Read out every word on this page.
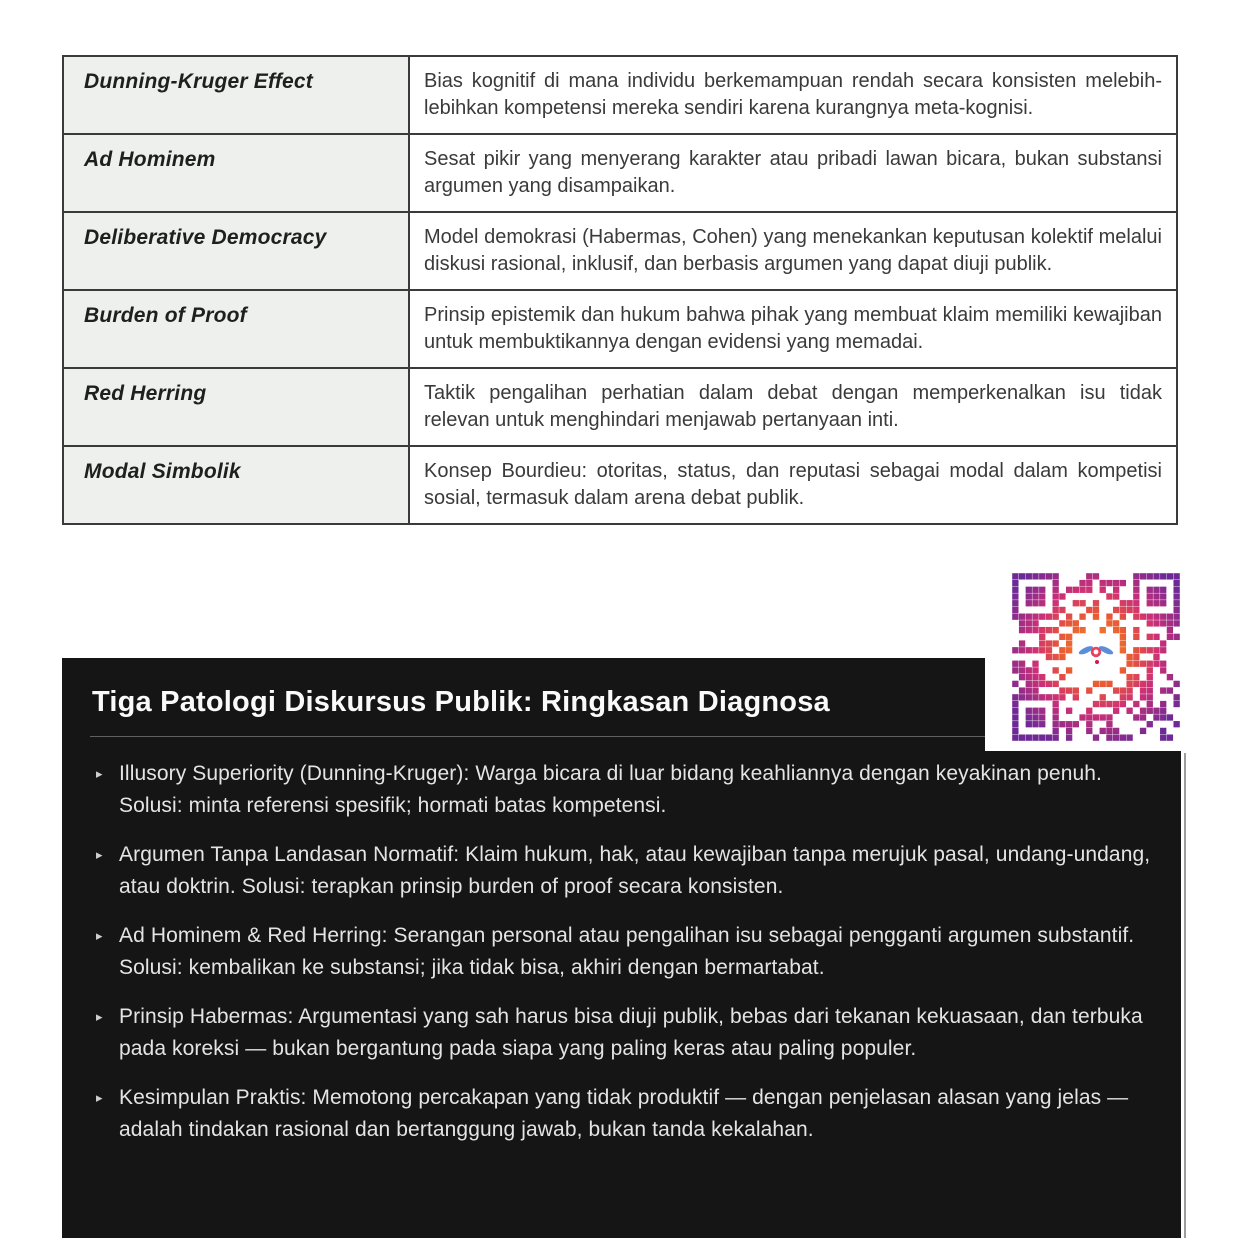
Dunning-Kruger Effect	Bias kognitif di mana individu berkemampuan rendah secara konsisten melebih-lebihkan kompetensi mereka sendiri karena kurangnya meta-kognisi.
Ad Hominem	Sesat pikir yang menyerang karakter atau pribadi lawan bicara, bukan substansi argumen yang disampaikan.
Deliberative Democracy	Model demokrasi (Habermas, Cohen) yang menekankan keputusan kolektif melalui diskusi rasional, inklusif, dan berbasis argumen yang dapat diuji publik.
Burden of Proof	Prinsip epistemik dan hukum bahwa pihak yang membuat klaim memiliki kewajiban untuk membuktikannya dengan evidensi yang memadai.
Red Herring	Taktik pengalihan perhatian dalam debat dengan memperkenalkan isu tidak relevan untuk menghindari menjawab pertanyaan inti.
Modal Simbolik	Konsep Bourdieu: otoritas, status, dan reputasi sebagai modal dalam kompetisi sosial, termasuk dalam arena debat publik.
Tiga Patologi Diskursus Publik: Ringkasan Diagnosa
▸ Illusory Superiority (Dunning-Kruger): Warga bicara di luar bidang keahliannya dengan keyakinan penuh. Solusi: minta referensi spesifik; hormati batas kompetensi.
▸ Argumen Tanpa Landasan Normatif: Klaim hukum, hak, atau kewajiban tanpa merujuk pasal, undang-undang, atau doktrin. Solusi: terapkan prinsip burden of proof secara konsisten.
▸ Ad Hominem & Red Herring: Serangan personal atau pengalihan isu sebagai pengganti argumen substantif. Solusi: kembalikan ke substansi; jika tidak bisa, akhiri dengan bermartabat.
▸ Prinsip Habermas: Argumentasi yang sah harus bisa diuji publik, bebas dari tekanan kekuasaan, dan terbuka pada koreksi — bukan bergantung pada siapa yang paling keras atau paling populer.
▸ Kesimpulan Praktis: Memotong percakapan yang tidak produktif — dengan penjelasan alasan yang jelas — adalah tindakan rasional dan bertanggung jawab, bukan tanda kekalahan.
